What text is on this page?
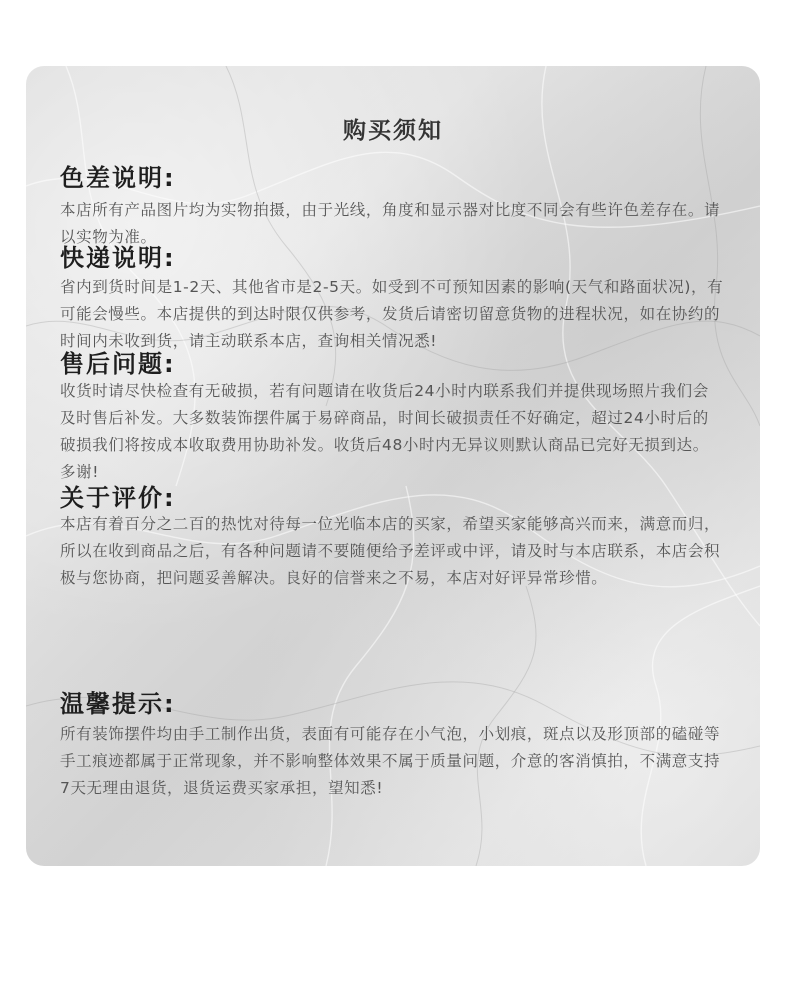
购买须知
色差说明:
本店所有产品图片均为实物拍摄，由于光线，角度和显示器对比度不同会有些许色差存在。请以实物为准。
快递说明:
省内到货时间是1-2天、其他省市是2-5天。如受到不可预知因素的影响(天气和路面状况)，有可能会慢些。本店提供的到达时限仅供参考，发货后请密切留意货物的进程状况，如在协约的时间内未收到货，请主动联系本店，查询相关情况悉!
售后问题:
收货时请尽快检查有无破损，若有问题请在收货后24小时内联系我们并提供现场照片我们会及时售后补发。大多数装饰摆件属于易碎商品，时间长破损责任不好确定，超过24小时后的破损我们将按成本收取费用协助补发。收货后48小时内无异议则默认商品已完好无损到达。多谢!
关于评价:
本店有着百分之二百的热忱对待每一位光临本店的买家，希望买家能够高兴而来，满意而归，所以在收到商品之后，有各种问题请不要随便给予差评或中评，请及时与本店联系，本店会积极与您协商，把问题妥善解决。良好的信誉来之不易，本店对好评异常珍惜。
温馨提示:
所有装饰摆件均由手工制作出货，表面有可能存在小气泡，小划痕，斑点以及形顶部的磕碰等手工痕迹都属于正常现象，并不影响整体效果不属于质量问题，介意的客消慎拍，不满意支持7天无理由退货，退货运费买家承担，望知悉!
